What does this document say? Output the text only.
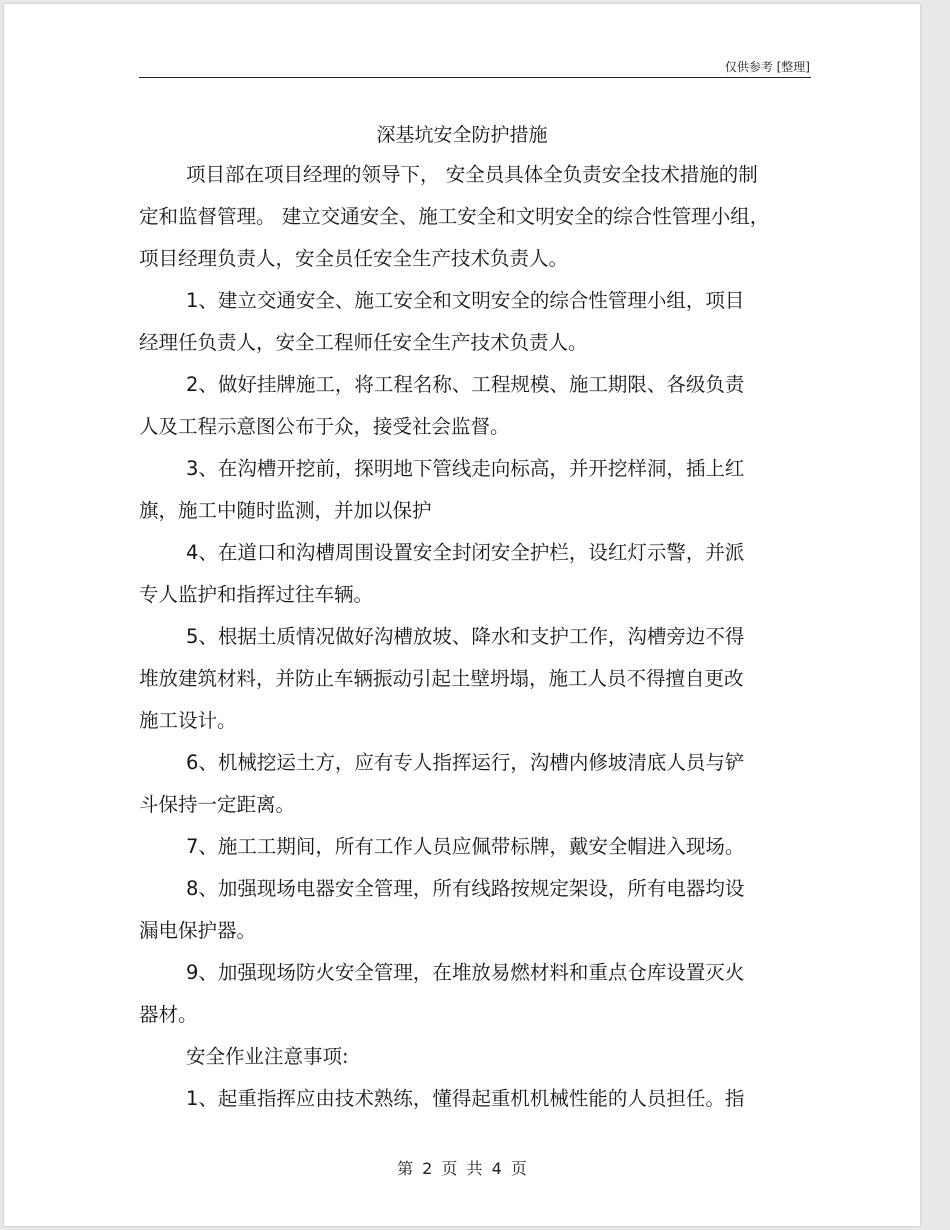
仅供参考 [整理]
深基坑安全防护措施

项目部在项目经理的领导下， 安全员具体全负责安全技术措施的制

定和监督管理。 建立交通安全、施工安全和文明安全的综合性管理小组，

项目经理负责人，安全员任安全生产技术负责人。

1、建立交通安全、施工安全和文明安全的综合性管理小组，项目

经理任负责人，安全工程师任安全生产技术负责人。

2、做好挂牌施工，将工程名称、工程规模、施工期限、各级负责

人及工程示意图公布于众，接受社会监督。

3、在沟槽开挖前，探明地下管线走向标高，并开挖样洞，插上红

旗，施工中随时监测，并加以保护

4、在道口和沟槽周围设置安全封闭安全护栏，设红灯示警，并派

专人监护和指挥过往车辆。

5、根据土质情况做好沟槽放坡、降水和支护工作，沟槽旁边不得

堆放建筑材料，并防止车辆振动引起土壁坍塌，施工人员不得擅自更改

施工设计。

6、机械挖运土方，应有专人指挥运行，沟槽内修坡清底人员与铲

斗保持一定距离。

7、施工工期间，所有工作人员应佩带标牌，戴安全帽进入现场。

8、加强现场电器安全管理，所有线路按规定架设，所有电器均设

漏电保护器。

9、加强现场防火安全管理，在堆放易燃材料和重点仓库设置灭火

器材。

安全作业注意事项:

1、起重指挥应由技术熟练，懂得起重机机械性能的人员担任。指

第 2 页 共 4 页
